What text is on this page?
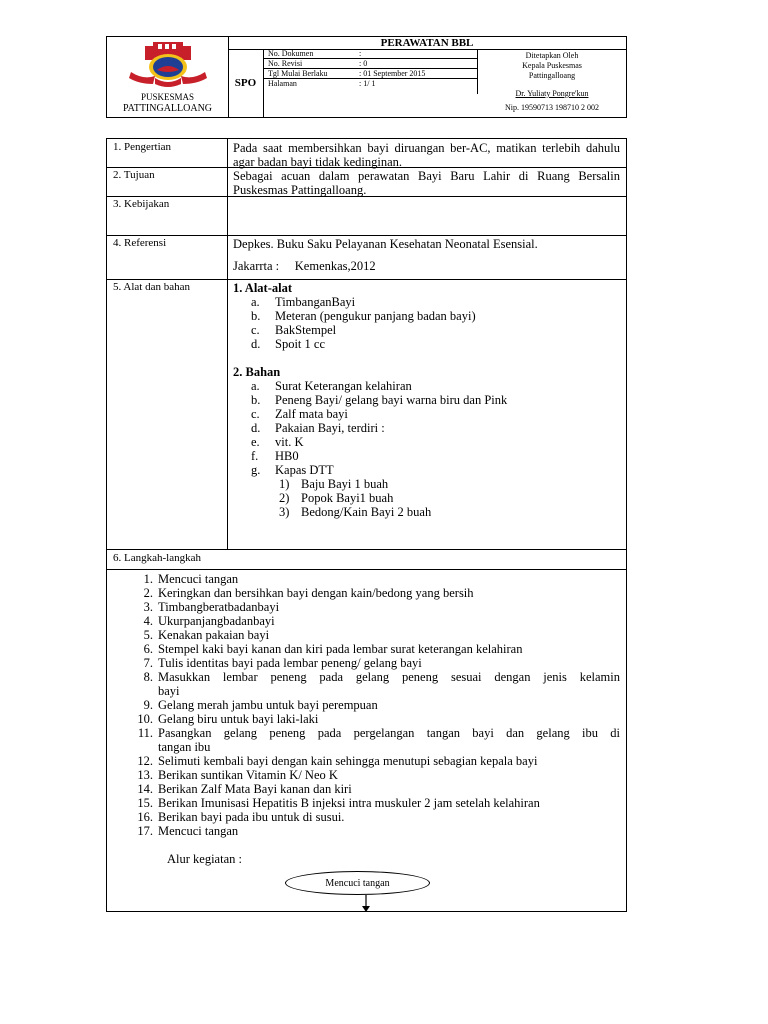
PUSKESMAS
PATTINGALLOANG
PERAWATAN BBL
SPO
No. Dokumen	:
No. Revisi	: 0
Tgl Mulai Berlaku	: 01 September 2015
Halaman	: 1/ 1
Ditetapkan Oleh
Kepala Puskesmas
Pattingalloang
Dr. Yuliaty Pongre'kun
Nip. 19590713 198710 2 002
1. Pengertian	Pada saat membersihkan bayi diruangan ber-AC, matikan terlebih dahulu agar badan bayi tidak kedinginan.
2. Tujuan	Sebagai acuan dalam perawatan Bayi Baru Lahir di Ruang Bersalin Puskesmas Pattingalloang.
3. Kebijakan
4. Referensi	Depkes. Buku Saku Pelayanan Kesehatan Neonatal Esensial.
Jakarrta :     Kemenkas,2012
5. Alat dan bahan	1. Alat-alat
a. TimbanganBayi
b. Meteran (pengukur panjang badan bayi)
c. BakStempel
d. Spoit 1 cc
2. Bahan
a. Surat Keterangan kelahiran
b. Peneng Bayi/ gelang bayi warna biru dan Pink
c. Zalf mata bayi
d. Pakaian Bayi, terdiri :
e. vit. K
f. HB0
g. Kapas DTT
1) Baju Bayi 1 buah
2) Popok Bayi1 buah
3) Bedong/Kain Bayi 2 buah
6. Langkah-langkah
1. Mencuci tangan
2. Keringkan dan bersihkan bayi dengan kain/bedong yang bersih
3. Timbangberatbadanbayi
4. Ukurpanjangbadanbayi
5. Kenakan pakaian bayi
6. Stempel kaki bayi kanan dan kiri pada lembar surat keterangan kelahiran
7. Tulis identitas bayi pada lembar peneng/ gelang bayi
8. Masukkan lembar peneng pada gelang peneng sesuai dengan jenis kelamin
bayi
9. Gelang merah jambu untuk bayi perempuan
10. Gelang biru untuk bayi laki-laki
11. Pasangkan gelang peneng pada pergelangan tangan bayi dan gelang ibu di
tangan ibu
12. Selimuti kembali bayi dengan kain sehingga menutupi sebagian kepala bayi
13. Berikan suntikan Vitamin K/ Neo K
14. Berikan Zalf Mata Bayi kanan dan kiri
15. Berikan Imunisasi Hepatitis B injeksi intra muskuler 2 jam setelah kelahiran
16. Berikan bayi pada ibu untuk di susui.
17. Mencuci tangan
Alur kegiatan :
Mencuci tangan
